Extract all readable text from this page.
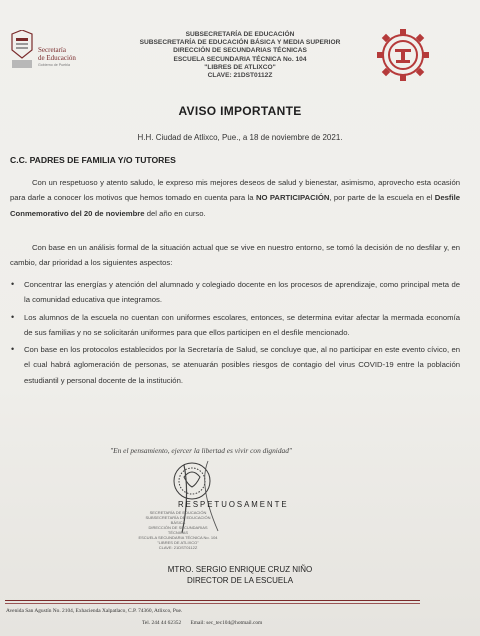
Secretaría
de Educación
Gobierno de Puebla
SUBSECRETARÍA DE EDUCACIÓN
SUBSECRETARÍA DE EDUCACIÓN BÁSICA Y MEDIA SUPERIOR
DIRECCIÓN DE SECUNDARIAS TÉCNICAS
ESCUELA SECUNDARIA TÉCNICA No. 104
"LIBRES DE ATLIXCO"
CLAVE: 21DST0112Z
AVISO IMPORTANTE
H.H. Ciudad de Atlixco, Pue., a 18 de noviembre de 2021.
C.C. PADRES DE FAMILIA Y/O TUTORES
Con un respetuoso y atento saludo, le expreso mis mejores deseos de salud y bienestar, asimismo, aprovecho esta ocasión para darle a conocer los motivos que hemos tomado en cuenta para la NO PARTICIPACIÓN, por parte de la escuela en el Desfile Conmemorativo del 20 de noviembre del año en curso.
Con base en un análisis formal de la situación actual que se vive en nuestro entorno, se tomó la decisión de no desfilar y, en cambio, dar prioridad a los siguientes aspectos:
• Concentrar las energías y atención del alumnado y colegiado docente en los procesos de aprendizaje, como principal meta de la comunidad educativa que integramos.
• Los alumnos de la escuela no cuentan con uniformes escolares, entonces, se determina evitar afectar la mermada economía de sus familias y no se solicitarán uniformes para que ellos participen en el desfile mencionado.
• Con base en los protocolos establecidos por la Secretaría de Salud, se concluye que, al no participar en este evento cívico, en el cual habrá aglomeración de personas, se atenuarán posibles riesgos de contagio del virus COVID-19 entre la población estudiantil y personal docente de la institución.
"En el pensamiento, ejercer la libertad es vivir con dignidad"
RESPETUOSAMENTE
SECRETARÍA DE EDUCACIÓN
SUBSECRETARÍA DE EDUCACIÓN BÁSICA
DIRECCIÓN DE SECUNDARIAS TÉCNICAS
ESCUELA SECUNDARIA TÉCNICA No. 104
"LIBRES DE ATLIXCO"
CLAVE: 21DST0112Z
MTRO. SERGIO ENRIQUE CRUZ NIÑO
DIRECTOR DE LA ESCUELA
Avenida San Agustín No. 2104, Exhacienda Xalpatlaco, C.P. 74360, Atlixco, Pue.
Tel. 244 44 62352 Email: sec_tec104@hotmail.com
